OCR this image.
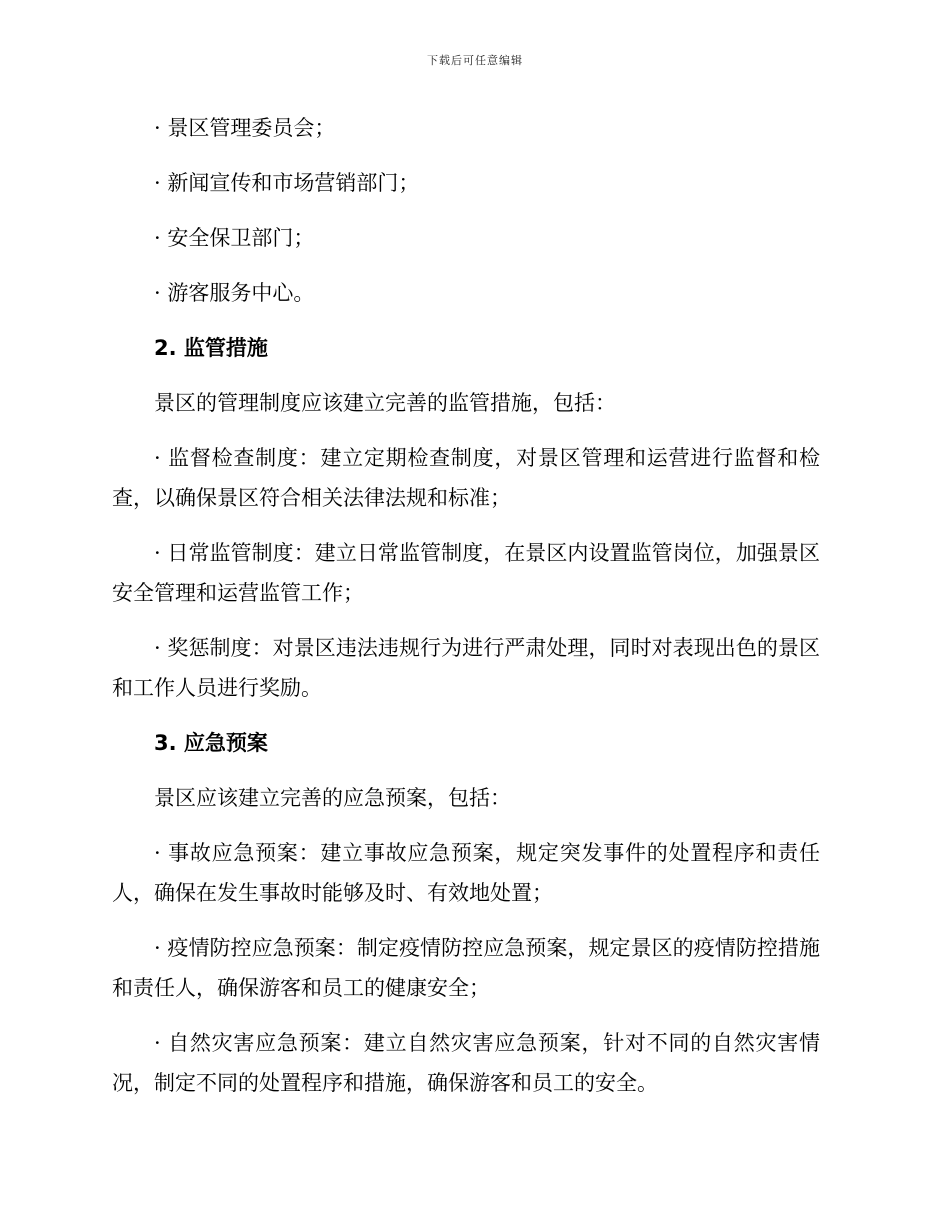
下载后可任意编辑

· 景区管理委员会；

· 新闻宣传和市场营销部门；

· 安全保卫部门；

· 游客服务中心。

2. 监管措施

景区的管理制度应该建立完善的监管措施，包括：

· 监督检查制度：建立定期检查制度，对景区管理和运营进行监督和检查，以确保景区符合相关法律法规和标准；

· 日常监管制度：建立日常监管制度，在景区内设置监管岗位，加强景区安全管理和运营监管工作；

· 奖惩制度：对景区违法违规行为进行严肃处理，同时对表现出色的景区和工作人员进行奖励。

3. 应急预案

景区应该建立完善的应急预案，包括：

· 事故应急预案：建立事故应急预案，规定突发事件的处置程序和责任人，确保在发生事故时能够及时、有效地处置；

· 疫情防控应急预案：制定疫情防控应急预案，规定景区的疫情防控措施和责任人，确保游客和员工的健康安全；

· 自然灾害应急预案：建立自然灾害应急预案，针对不同的自然灾害情况，制定不同的处置程序和措施，确保游客和员工的安全。
